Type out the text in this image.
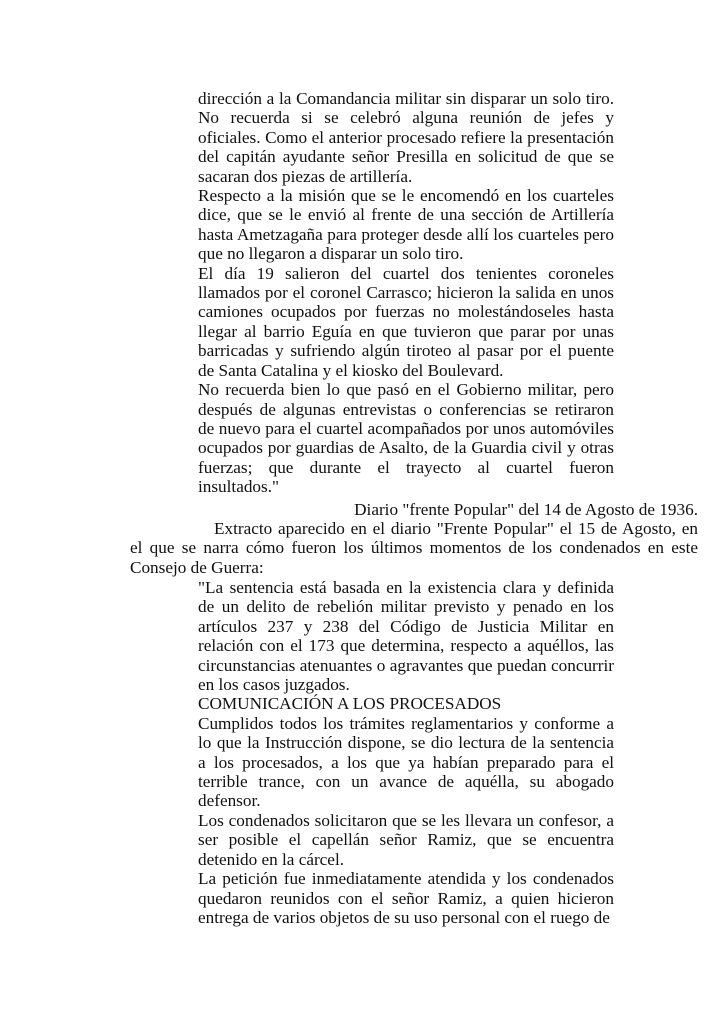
dirección a la Comandancia militar sin disparar un solo tiro. No recuerda si se celebró alguna reunión de jefes y oficiales. Como el anterior procesado refiere la presentación del capitán ayudante señor Presilla en solicitud de que se sacaran dos piezas de artillería.

Respecto a la misión que se le encomendó en los cuarteles dice, que se le envió al frente de una sección de Artillería hasta Ametzagaña para proteger desde allí los cuarteles pero que no llegaron a disparar un solo tiro.

El día 19 salieron del cuartel dos tenientes coroneles llamados por el coronel Carrasco; hicieron la salida en unos camiones ocupados por fuerzas no molestándoseles hasta llegar al barrio Eguía en que tuvieron que parar por unas barricadas y sufriendo algún tiroteo al pasar por el puente de Santa Catalina y el kiosko del Boulevard.

No recuerda bien lo que pasó en el Gobierno militar, pero después de algunas entrevistas o conferencias se retiraron de nuevo para el cuartel acompañados por unos automóviles ocupados por guardias de Asalto, de la Guardia civil y otras fuerzas; que durante el trayecto al cuartel fueron insultados."

Diario "frente Popular" del 14 de Agosto de 1936.

Extracto aparecido en el diario "Frente Popular" el 15 de Agosto, en el que se narra cómo fueron los últimos momentos de los condenados en este Consejo de Guerra:

"La sentencia está basada en la existencia clara y definida de un delito de rebelión militar previsto y penado en los artículos 237 y 238 del Código de Justicia Militar en relación con el 173 que determina, respecto a aquéllos, las circunstancias atenuantes o agravantes que puedan concurrir en los casos juzgados.

COMUNICACIÓN A LOS PROCESADOS

Cumplidos todos los trámites reglamentarios y conforme a lo que la Instrucción dispone, se dio lectura de la sentencia a los procesados, a los que ya habían preparado para el terrible trance, con un avance de aquélla, su abogado defensor.

Los condenados solicitaron que se les llevara un confesor, a ser posible el capellán señor Ramiz, que se encuentra detenido en la cárcel.

La petición fue inmediatamente atendida y los condenados quedaron reunidos con el señor Ramiz, a quien hicieron entrega de varios objetos de su uso personal con el ruego de
